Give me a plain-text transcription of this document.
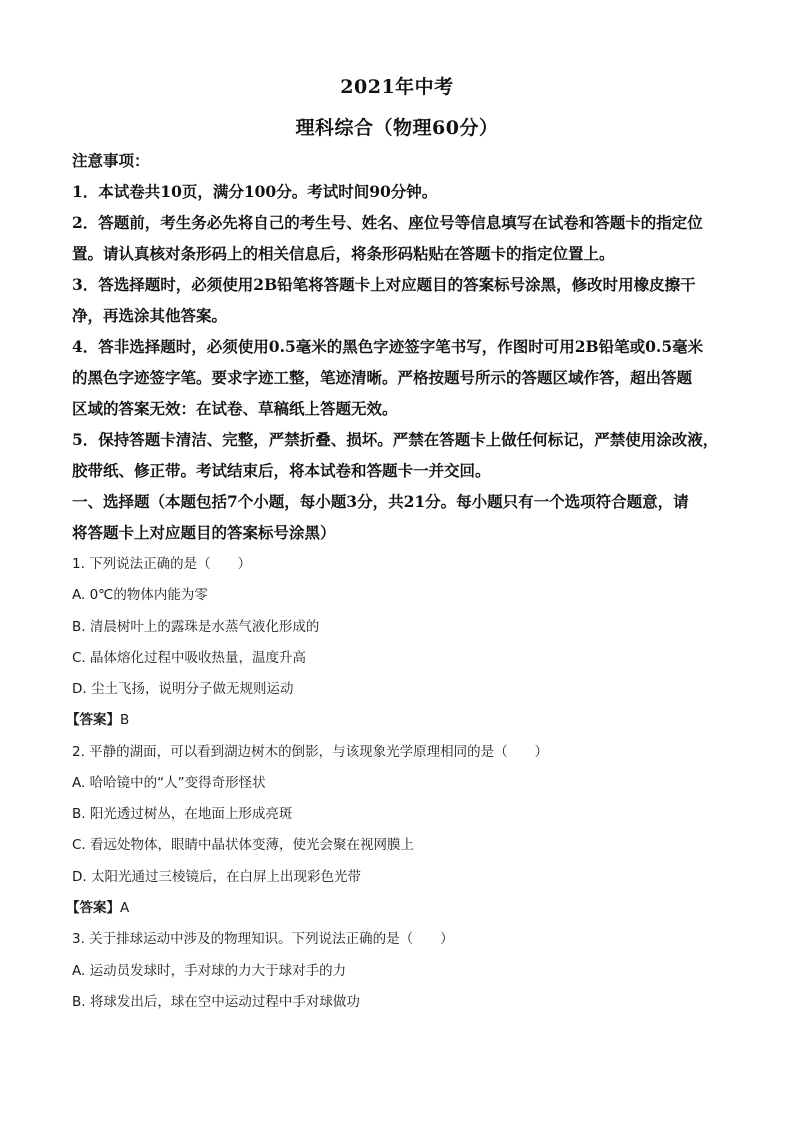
2021年中考
理科综合（物理60分）
注意事项：
1．本试卷共10页，满分100分。考试时间90分钟。
2．答题前，考生务必先将自己的考生号、姓名、座位号等信息填写在试卷和答题卡的指定位
置。请认真核对条形码上的相关信息后，将条形码粘贴在答题卡的指定位置上。
3．答选择题时，必须使用2B铅笔将答题卡上对应题目的答案标号涂黑，修改时用橡皮擦干
净，再选涂其他答案。
4．答非选择题时，必须使用0.5毫米的黑色字迹签字笔书写，作图时可用2B铅笔或0.5毫米
的黑色字迹签字笔。要求字迹工整，笔迹清晰。严格按题号所示的答题区域作答，超出答题
区域的答案无效：在试卷、草稿纸上答题无效。
5．保持答题卡清洁、完整，严禁折叠、损坏。严禁在答题卡上做任何标记，严禁使用涂改液，
胶带纸、修正带。考试结束后，将本试卷和答题卡一并交回。
一、选择题（本题包括7个小题，每小题3分，共21分。每小题只有一个选项符合题意，请
将答题卡上对应题目的答案标号涂黑）
1. 下列说法正确的是（　　）
A. 0℃的物体内能为零
B. 清晨树叶上的露珠是水蒸气液化形成的
C. 晶体熔化过程中吸收热量，温度升高
D. 尘土飞扬，说明分子做无规则运动
【答案】B
2. 平静的湖面，可以看到湖边树木的倒影，与该现象光学原理相同的是（　　）
A. 哈哈镜中的“人”变得奇形怪状
B. 阳光透过树丛，在地面上形成亮斑
C. 看远处物体，眼睛中晶状体变薄，使光会聚在视网膜上
D. 太阳光通过三棱镜后，在白屏上出现彩色光带
【答案】A
3. 关于排球运动中涉及的物理知识。下列说法正确的是（　　）
A. 运动员发球时，手对球的力大于球对手的力
B. 将球发出后，球在空中运动过程中手对球做功
